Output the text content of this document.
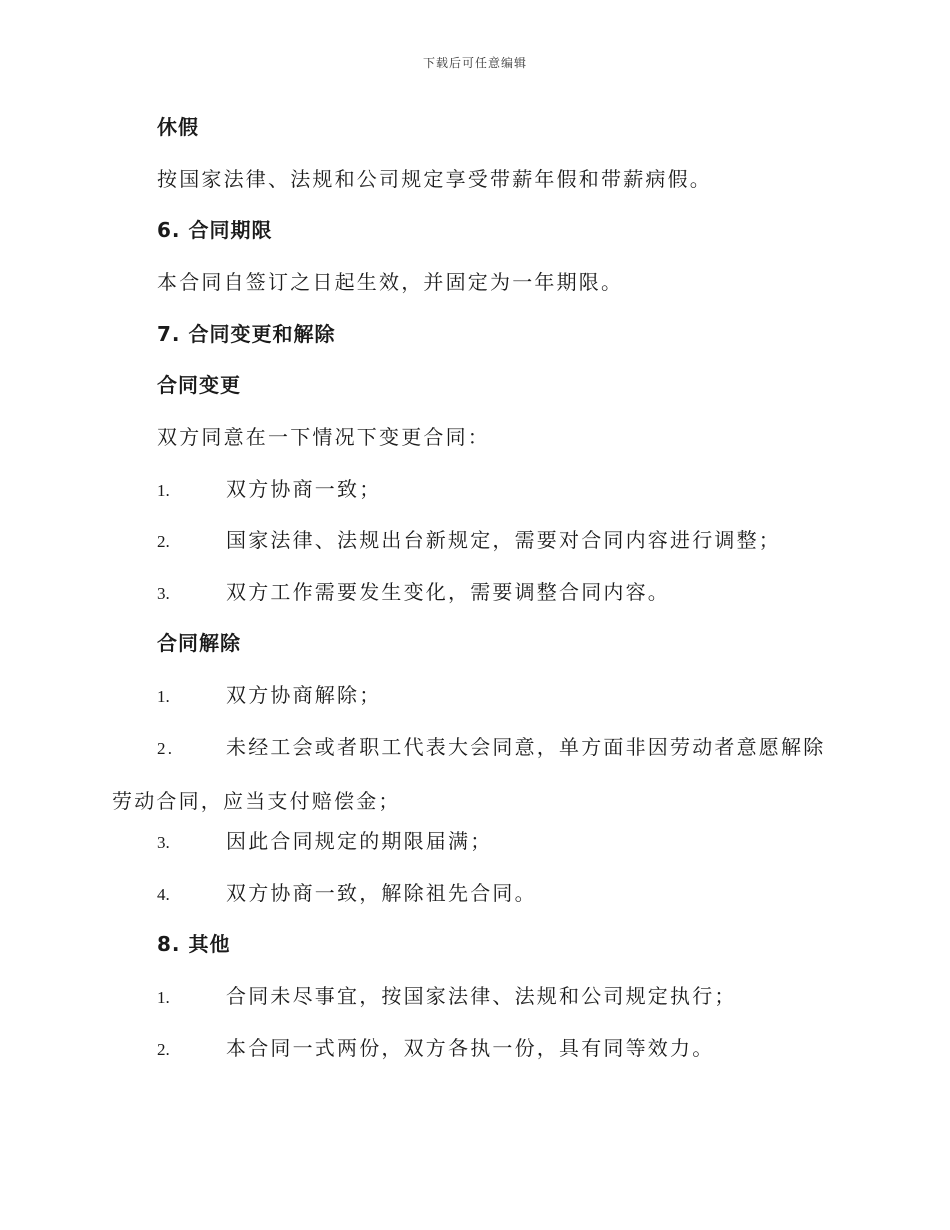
下载后可任意编辑
休假
按国家法律、法规和公司规定享受带薪年假和带薪病假。
6. 合同期限
本合同自签订之日起生效，并固定为一年期限。
7. 合同变更和解除
合同变更
双方同意在一下情况下变更合同：
1.	双方协商一致；
2.	国家法律、法规出台新规定，需要对合同内容进行调整；
3.	双方工作需要发生变化，需要调整合同内容。
合同解除
1.	双方协商解除；
2.	未经工会或者职工代表大会同意，单方面非因劳动者意愿解除劳动合同，应当支付赔偿金；
3.	因此合同规定的期限届满；
4.	双方协商一致，解除祖先合同。
8. 其他
1.	合同未尽事宜，按国家法律、法规和公司规定执行；
2.	本合同一式两份，双方各执一份，具有同等效力。
